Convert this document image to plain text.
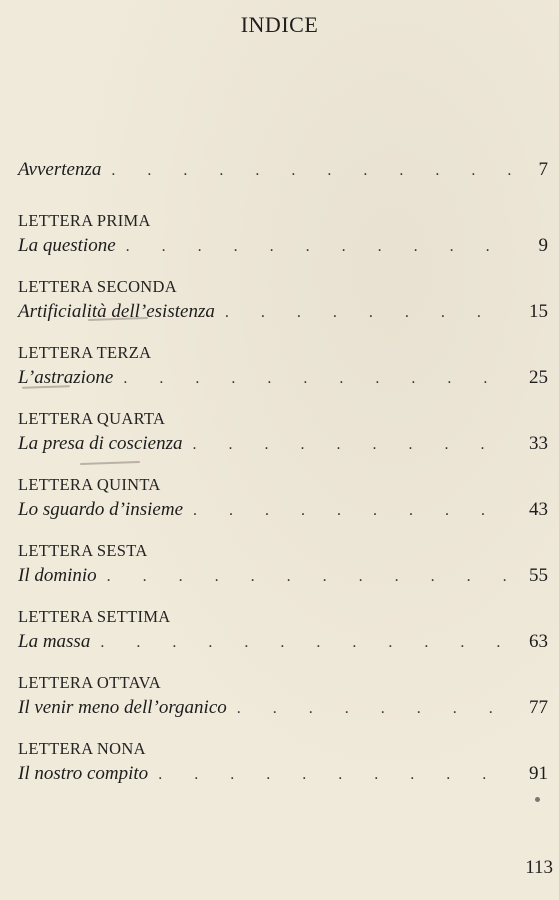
INDICE
Avvertenza . . .	7
LETTERA PRIMA
La questione . . .	9
LETTERA SECONDA
Artificialità dell’esistenza . . .	15
LETTERA TERZA
L’astrazione . . .	25
LETTERA QUARTA
La presa di coscienza . . .	33
LETTERA QUINTA
Lo sguardo d’insieme . . .	43
LETTERA SESTA
Il dominio . . .	55
LETTERA SETTIMA
La massa . . .	63
LETTERA OTTAVA
Il venir meno dell’organico . . .	77
LETTERA NONA
Il nostro compito . . .	91
113
